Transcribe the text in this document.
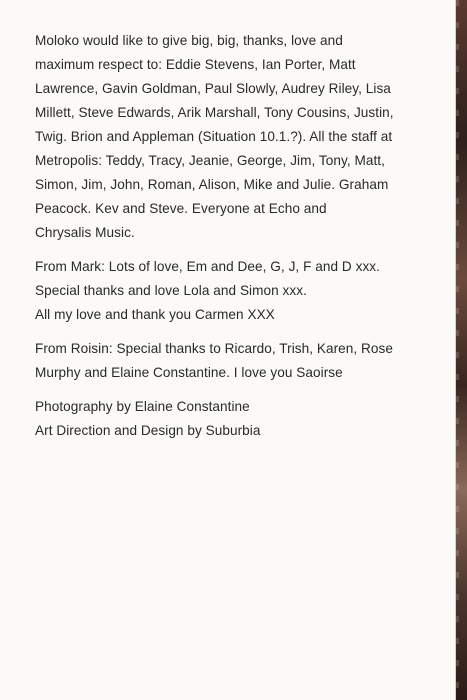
Moloko would like to give big, big, thanks, love and
maximum respect to: Eddie Stevens, Ian Porter, Matt
Lawrence, Gavin Goldman, Paul Slowly, Audrey Riley, Lisa
Millett, Steve Edwards, Arik Marshall, Tony Cousins, Justin,
Twig. Brion and Appleman (Situation 10.1.?). All the staff at
Metropolis: Teddy, Tracy, Jeanie, George, Jim, Tony, Matt,
Simon, Jim, John, Roman, Alison, Mike and Julie. Graham
Peacock. Kev and Steve. Everyone at Echo and
Chrysalis Music.
From Mark: Lots of love, Em and Dee, G, J, F and D xxx.
Special thanks and love Lola and Simon xxx.
All my love and thank you Carmen XXX
From Roisin: Special thanks to Ricardo, Trish, Karen, Rose
Murphy and Elaine Constantine. I love you Saoirse
Photography by Elaine Constantine
Art Direction and Design by Suburbia
